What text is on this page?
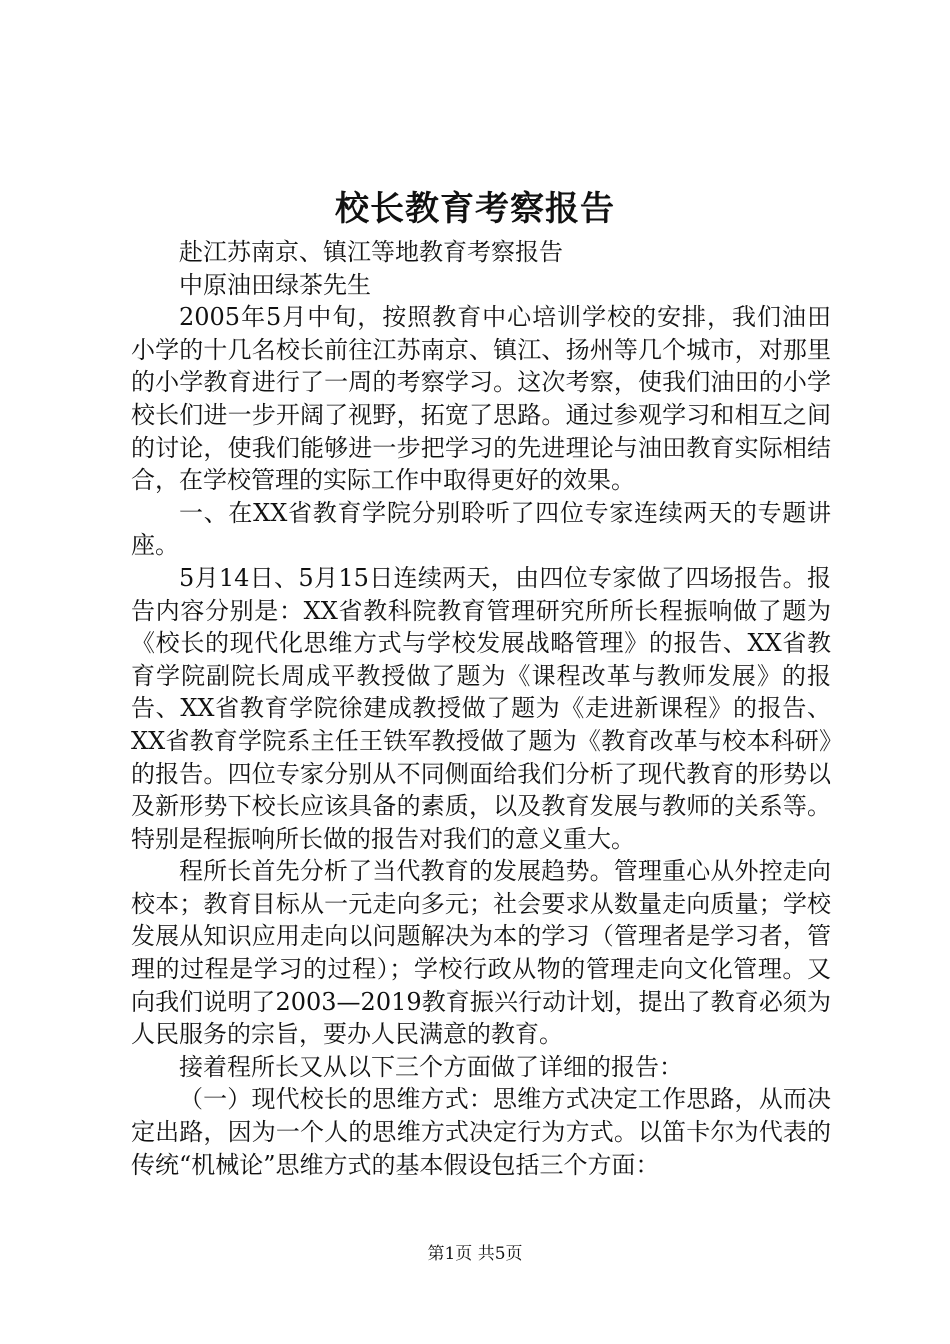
校长教育考察报告

赴江苏南京、镇江等地教育考察报告

中原油田绿茶先生

2005年5月中旬，按照教育中心培训学校的安排，我们油田小学的十几名校长前往江苏南京、镇江、扬州等几个城市，对那里的小学教育进行了一周的考察学习。这次考察，使我们油田的小学校长们进一步开阔了视野，拓宽了思路。通过参观学习和相互之间的讨论，使我们能够进一步把学习的先进理论与油田教育实际相结合，在学校管理的实际工作中取得更好的效果。

一、在XX省教育学院分别聆听了四位专家连续两天的专题讲座。

5月14日、5月15日连续两天，由四位专家做了四场报告。报告内容分别是：XX省教科院教育管理研究所所长程振响做了题为《校长的现代化思维方式与学校发展战略管理》的报告、XX省教育学院副院长周成平教授做了题为《课程改革与教师发展》的报告、XX省教育学院徐建成教授做了题为《走进新课程》的报告、XX省教育学院系主任王铁军教授做了题为《教育改革与校本科研》的报告。四位专家分别从不同侧面给我们分析了现代教育的形势以及新形势下校长应该具备的素质，以及教育发展与教师的关系等。特别是程振响所长做的报告对我们的意义重大。

程所长首先分析了当代教育的发展趋势。管理重心从外控走向校本；教育目标从一元走向多元；社会要求从数量走向质量；学校发展从知识应用走向以问题解决为本的学习（管理者是学习者，管理的过程是学习的过程）；学校行政从物的管理走向文化管理。又向我们说明了2003—2019教育振兴行动计划，提出了教育必须为人民服务的宗旨，要办人民满意的教育。

接着程所长又从以下三个方面做了详细的报告：

（一）现代校长的思维方式：思维方式决定工作思路，从而决定出路，因为一个人的思维方式决定行为方式。以笛卡尔为代表的传统“机械论”思维方式的基本假设包括三个方面：

第1页 共5页
